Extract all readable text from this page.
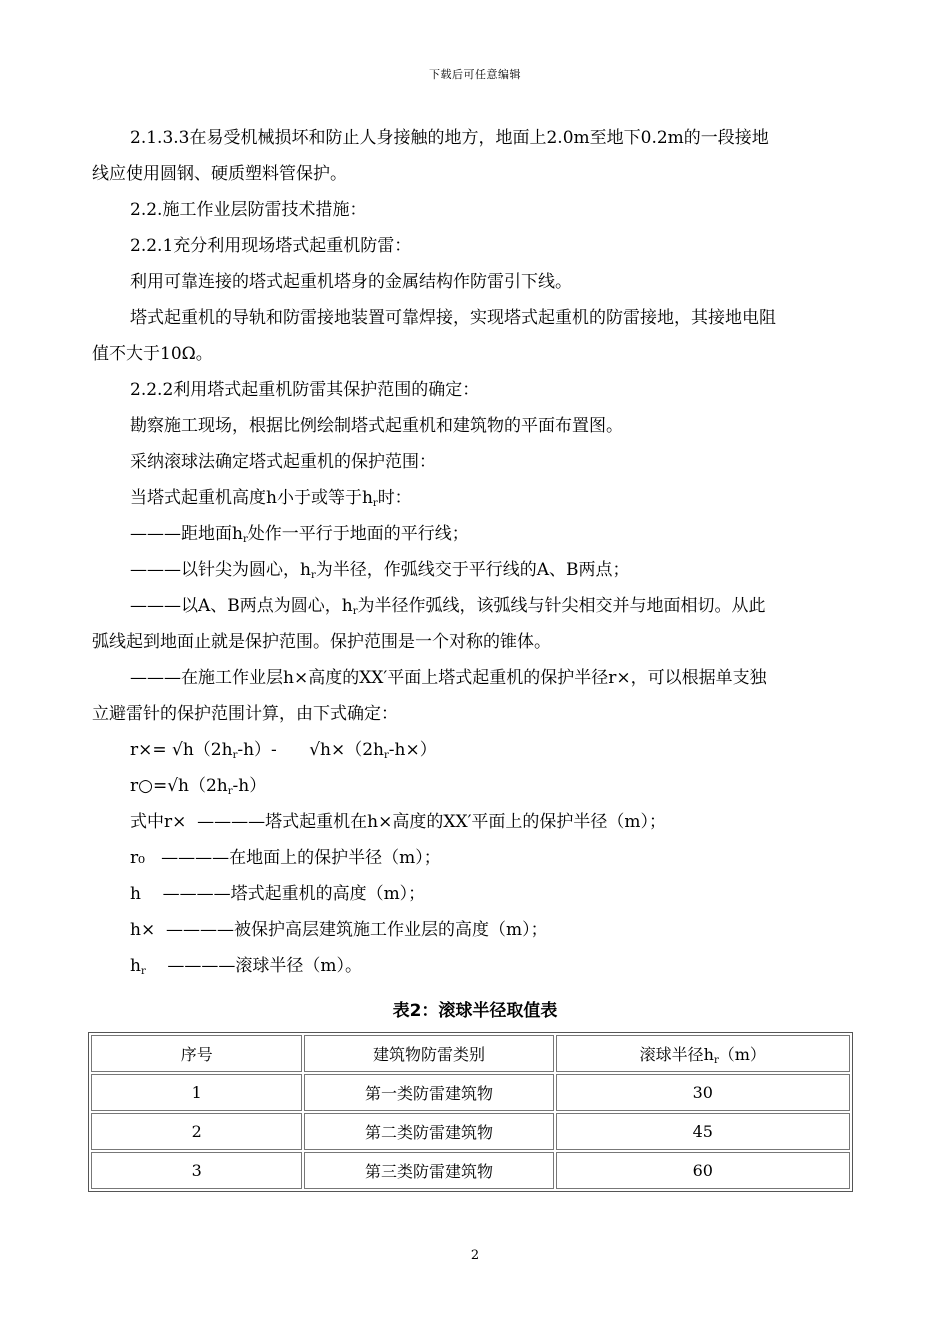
下载后可任意编辑
2.1.3.3在易受机械损坏和防止人身接触的地方，地面上2.0m至地下0.2m的一段接地
线应使用圆钢、硬质塑料管保护。
2.2.施工作业层防雷技术措施：
2.2.1充分利用现场塔式起重机防雷：
利用可靠连接的塔式起重机塔身的金属结构作防雷引下线。
塔式起重机的导轨和防雷接地装置可靠焊接，实现塔式起重机的防雷接地，其接地电阻
值不大于10Ω。
2.2.2利用塔式起重机防雷其保护范围的确定：
勘察施工现场，根据比例绘制塔式起重机和建筑物的平面布置图。
采纳滚球法确定塔式起重机的保护范围：
当塔式起重机高度h小于或等于$h_r$时：
———距地面$h_r$处作一平行于地面的平行线；
———以针尖为圆心，$h_r$为半径，作弧线交于平行线的A、B两点；
———以A、B两点为圆心，$h_r$为半径作弧线，该弧线与针尖相交并与地面相切。从此
弧线起到地面止就是保护范围。保护范围是一个对称的锥体。
———在施工作业层h×高度的XX′平面上塔式起重机的保护半径r×，可以根据单支独
立避雷针的保护范围计算，由下式确定：
$r\times= √h(2h_r-h)-$      $√h\times(2h_r-h\times)$
$r○=√h(2h_r-h)$
式中r×  ————塔式起重机在h×高度的XX′平面上的保护半径（m）；
r₀   ————在地面上的保护半径（m）；
h    ————塔式起重机的高度（m）；
h×  ————被保护高层建筑施工作业层的高度（m）；
$h_r$    ————滚球半径（m）。
表2：滚球半径取值表
序号	建筑物防雷类别	滚球半径$h_r(m)$
1	第一类防雷建筑物	30
2	第二类防雷建筑物	45
3	第三类防雷建筑物	60
2
